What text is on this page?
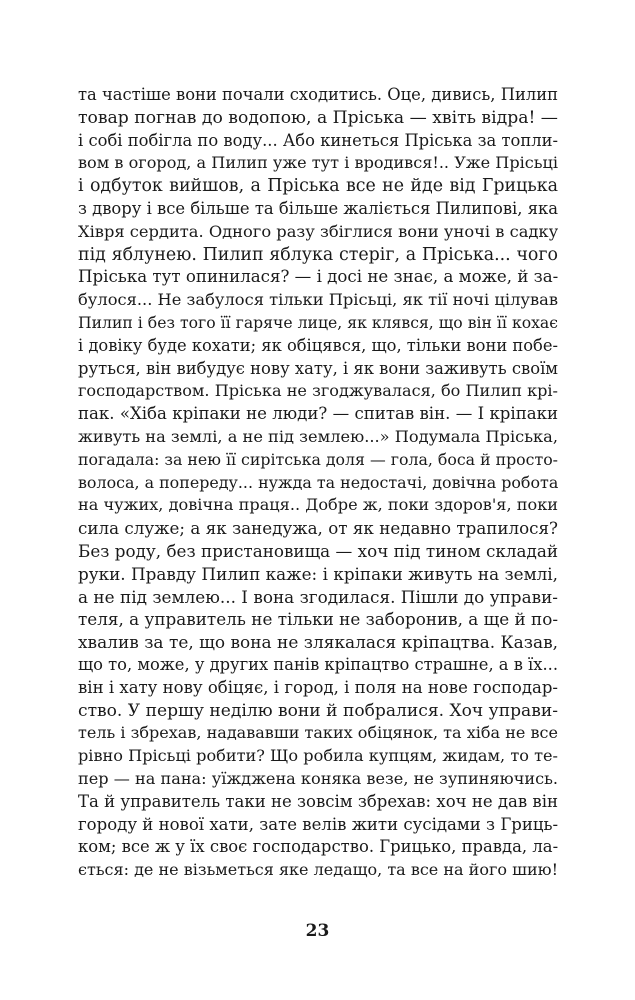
та частіше вони почали сходитись. Оце, дивись, Пилип
товар погнав до водопою, а Пріська — хвіть відра! —
і собі побігла по воду... Або кинеться Пріська за топли-
вом в огород, а Пилип уже тут і вродився!.. Уже Прісьці
і одбуток вийшов, а Пріська все не йде від Грицька
з двору і все більше та більше жаліється Пилипові, яка
Хівря сердита. Одного разу збіглися вони уночі в садку
під яблунею. Пилип яблука стеріг, а Пріська... чого
Пріська тут опинилася? — і досі не знає, а може, й за-
булося... Не забулося тільки Прісьці, як тії ночі цілував
Пилип і без того її гаряче лице, як клявся, що він її кохає
і довіку буде кохати; як обіцявся, що, тільки вони побе-
руться, він вибудує нову хату, і як вони заживуть своїм
господарством. Пріська не згоджувалася, бо Пилип крі-
пак. «Хіба кріпаки не люди? — спитав він. — І кріпаки
живуть на землі, а не під землею...» Подумала Пріська,
погадала: за нею її сирітська доля — гола, боса й просто-
волоса, а попереду... нужда та недостачі, довічна робота
на чужих, довічна праця.. Добре ж, поки здоров'я, поки
сила служе; а як занедужа, от як недавно трапилося?
Без роду, без пристановища — хоч під тином складай
руки. Правду Пилип каже: і кріпаки живуть на землі,
а не під землею... І вона згодилася. Пішли до управи-
теля, а управитель не тільки не заборонив, а ще й по-
хвалив за те, що вона не злякалася кріпацтва. Казав,
що то, може, у других панів кріпацтво страшне, а в їх...
він і хату нову обіцяє, і город, і поля на нове господар-
ство. У першу неділю вони й побралися. Хоч управи-
тель і збрехав, надававши таких обіцянок, та хіба не все
рівно Прісьці робити? Що робила купцям, жидам, то те-
пер — на пана: уїжджена коняка везе, не зупиняючись.
Та й управитель таки не зовсім збрехав: хоч не дав він
городу й нової хати, зате велів жити сусідами з Гриць-
ком; все ж у їх своє господарство. Грицько, правда, ла-
ється: де не візьметься яке ледащо, та все на його шию!
23
